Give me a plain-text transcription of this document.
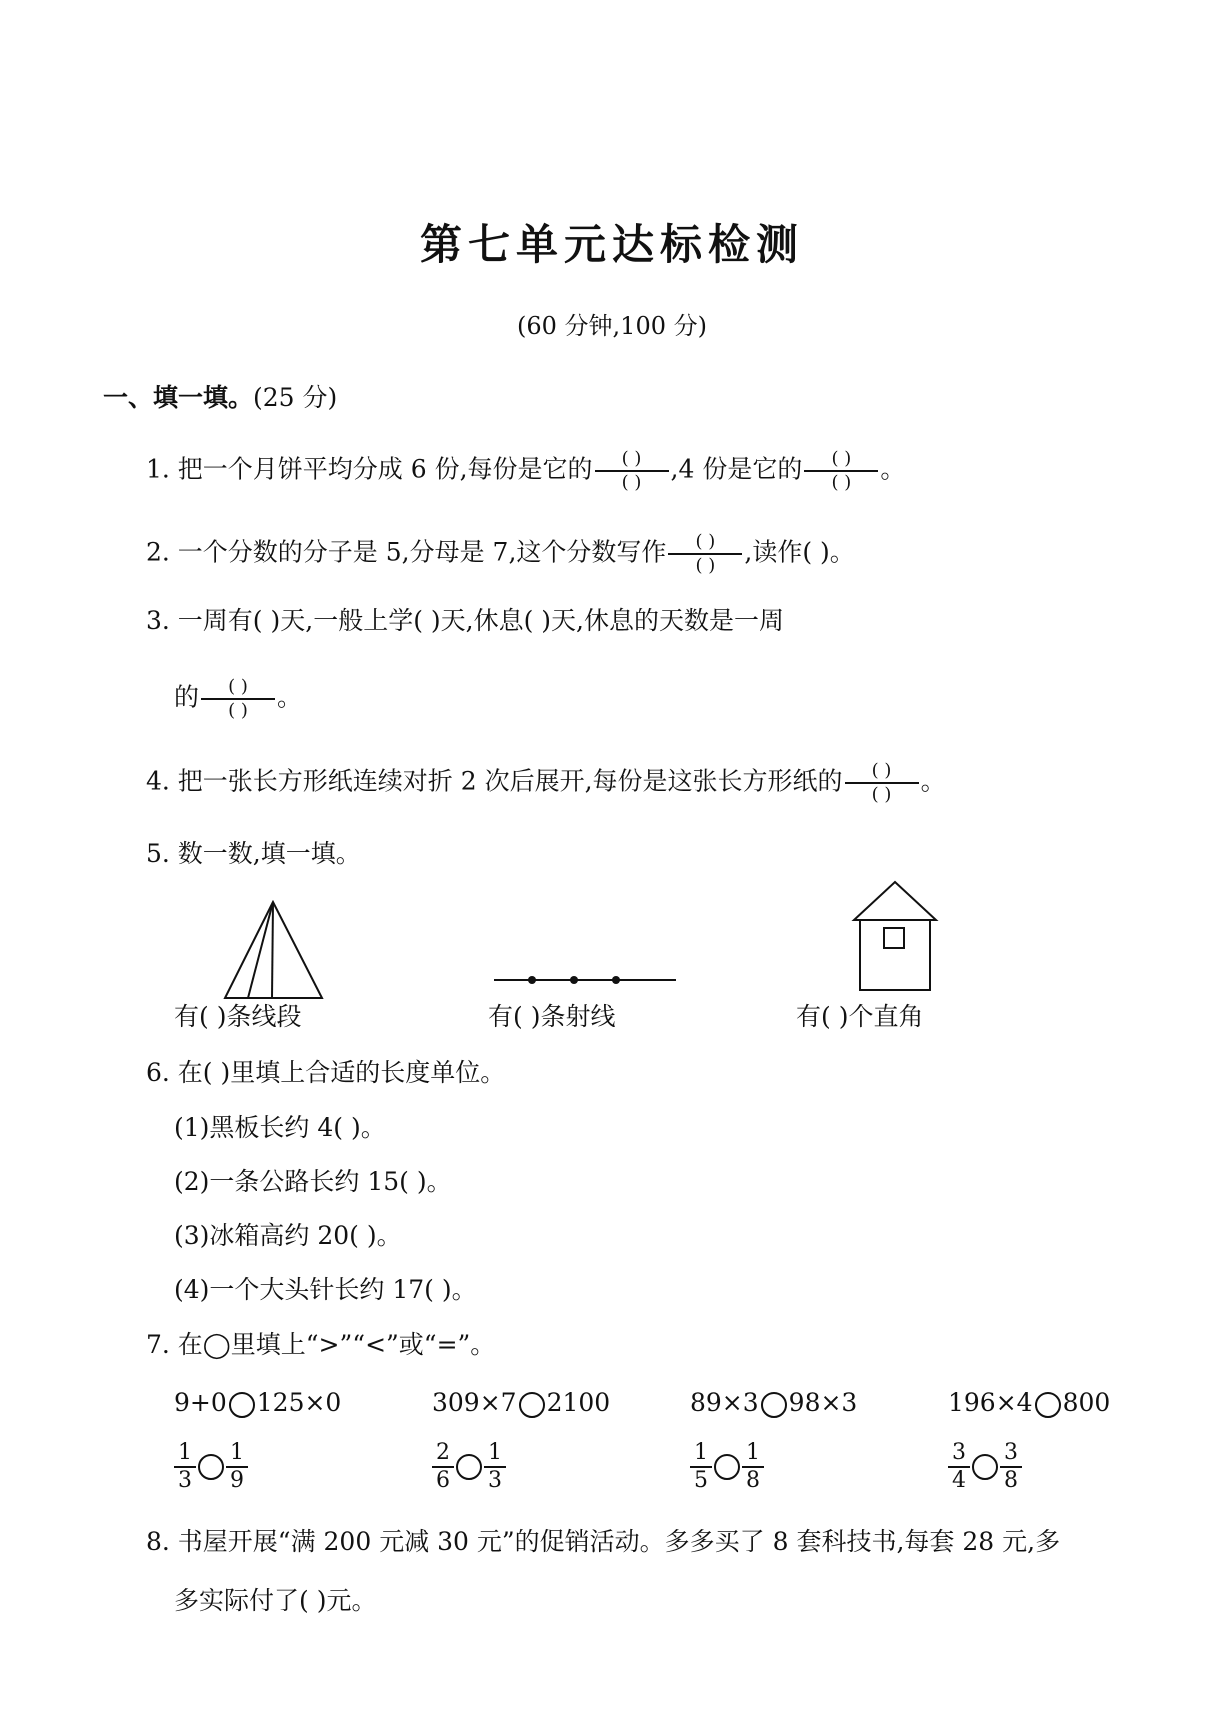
第七单元达标检测
(60 分钟,100 分)
一、填一填。(25 分)
1. 把一个月饼平均分成 6 份,每份是它的 $\frac{( )}{( )} ,4$ 份是它的 $\frac{( )}{( )}$ 。
2. 一个分数的分子是 5,分母是 7,这个分数写作 $\frac{( )}{( )}$ ,读作( )。
3. 一周有( )天,一般上学( )天,休息( )天,休息的天数是一周
的 $\frac{( )}{( )}$ 。
4. 把一张长方形纸连续对折 2 次后展开,每份是这张长方形纸的 $\frac{( )}{( )}$ 。
5. 数一数,填一填。
有( )条线段	有( )条射线	有( )个直角
6. 在( )里填上合适的长度单位。
(1)黑板长约 4( )。
(2)一条公路长约 15( )。
(3)冰箱高约 20( )。
(4)一个大头针长约 17( )。
7. 在◯里填上“>”“<”或“=”。
9+0 125×0	309×7 2100	89×3 98×3	196×4 800
$\frac{1}{3} \frac{1}{9}$	$\frac{2}{6} \frac{1}{3}$	$\frac{1}{5} \frac{1}{8}$	$\frac{3}{4} \frac{3}{8}$
8. 书屋开展“满 200 元减 30 元”的促销活动。多多买了 8 套科技书,每套 28 元,多
多实际付了( )元。
